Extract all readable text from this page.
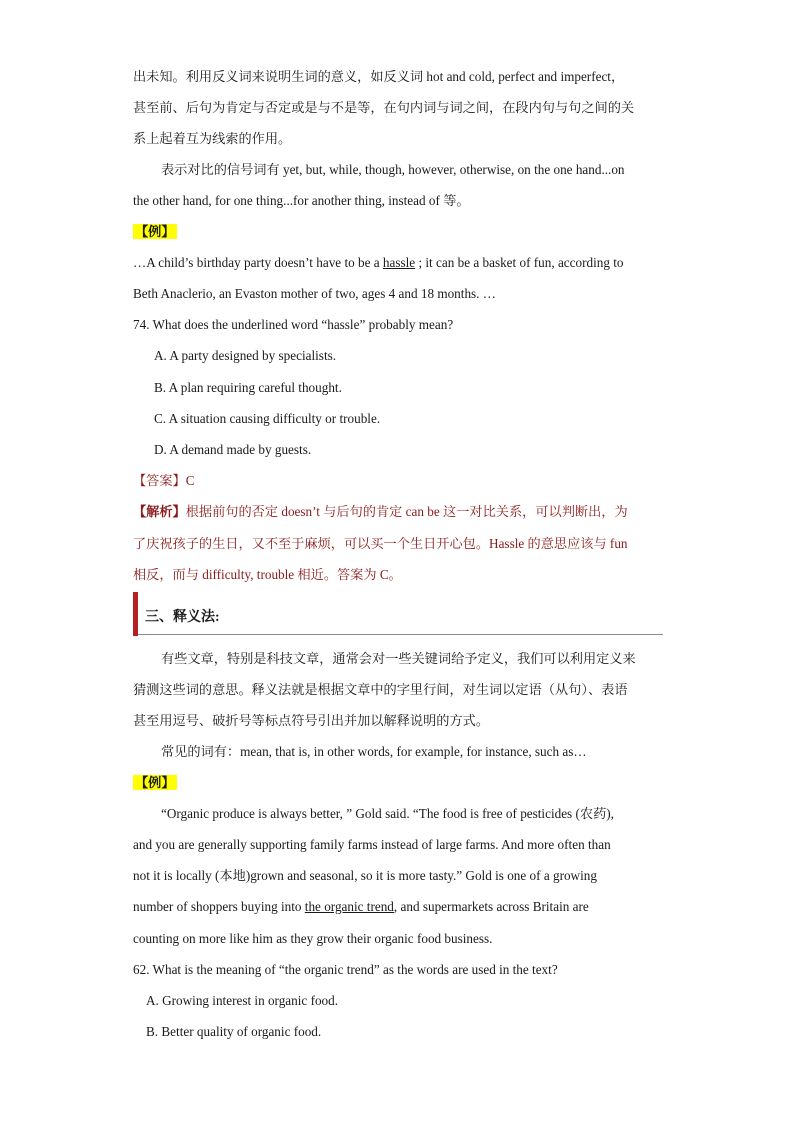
出未知。利用反义词来说明生词的意义，如反义词 hot and cold, perfect and imperfect，
甚至前、后句为肯定与否定或是与不是等，在句内词与词之间，在段内句与句之间的关
系上起着互为线索的作用。
表示对比的信号词有 yet, but, while, though, however, otherwise, on the one hand...on
the other hand, for one thing...for another thing, instead of 等。
【例】
…A child’s birthday party doesn’t have to be a hassle ; it can be a basket of fun, according to
Beth Anaclerio, an Evaston mother of two, ages 4 and 18 months. …
74. What does the underlined word “hassle” probably mean?
A. A party designed by specialists.
B. A plan requiring careful thought.
C. A situation causing difficulty or trouble.
D. A demand made by guests.
【答案】C
【解析】根据前句的否定 doesn’t 与后句的肯定 can be 这一对比关系，可以判断出，为
了庆祝孩子的生日，又不至于麻烦，可以买一个生日开心包。Hassle 的意思应该与 fun
相反，而与 difficulty, trouble 相近。答案为 C。
三、释义法:
有些文章，特别是科技文章，通常会对一些关键词给予定义，我们可以利用定义来
猜测这些词的意思。释义法就是根据文章中的字里行间，对生词以定语（从句）、表语
甚至用逗号、破折号等标点符号引出并加以解释说明的方式。
常见的词有：mean, that is, in other words, for example, for instance, such as…
【例】
“Organic produce is always better, ” Gold said. “The food is free of pesticides (农药),
and you are generally supporting family farms instead of large farms. And more often than
not it is locally (本地)grown and seasonal, so it is more tasty.” Gold is one of a growing
number of shoppers buying into the organic trend, and supermarkets across Britain are
counting on more like him as they grow their organic food business.
62. What is the meaning of “the organic trend” as the words are used in the text?
A. Growing interest in organic food.
B. Better quality of organic food.
